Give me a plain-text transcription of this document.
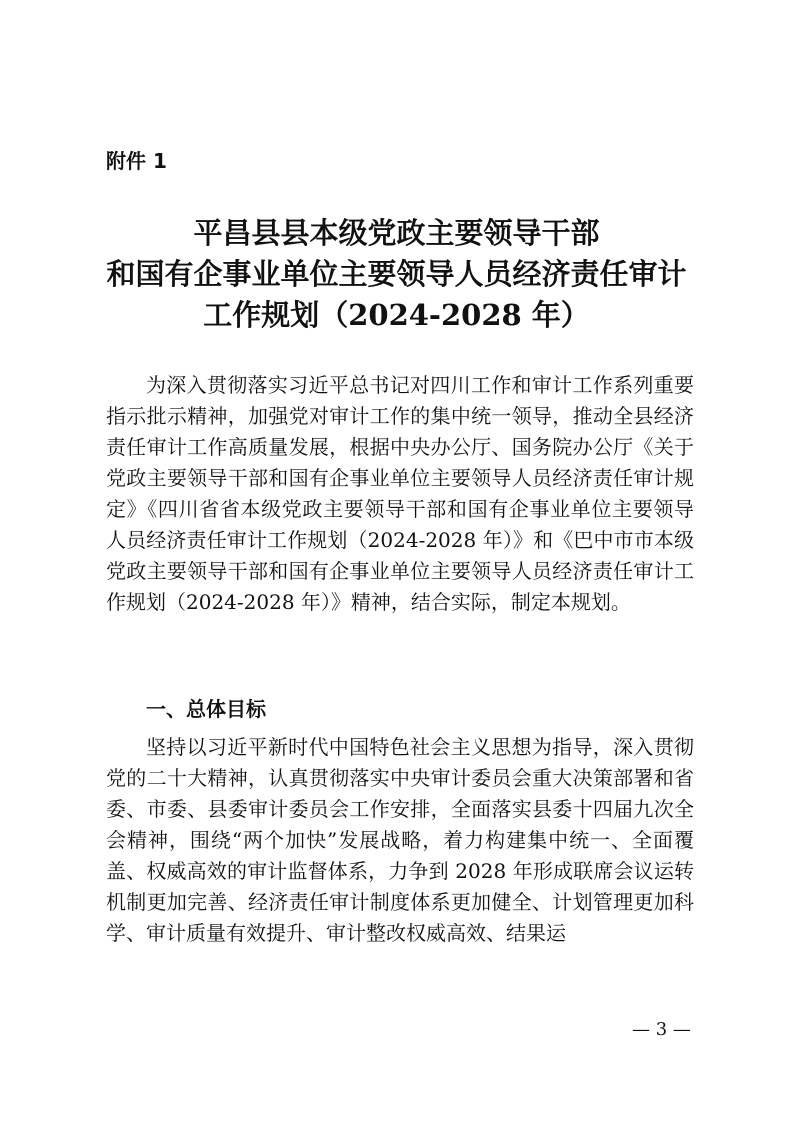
附件 1
平昌县县本级党政主要领导干部
和国有企事业单位主要领导人员经济责任审计
工作规划（2024-2028 年）

为深入贯彻落实习近平总书记对四川工作和审计工作系列重要指示批示精神，加强党对审计工作的集中统一领导，推动全县经济责任审计工作高质量发展，根据中央办公厅、国务院办公厅《关于党政主要领导干部和国有企事业单位主要领导人员经济责任审计规定》《四川省省本级党政主要领导干部和国有企事业单位主要领导人员经济责任审计工作规划（2024-2028 年）》和《巴中市市本级党政主要领导干部和国有企事业单位主要领导人员经济责任审计工作规划（2024-2028 年）》精神，结合实际，制定本规划。

一、总体目标

坚持以习近平新时代中国特色社会主义思想为指导，深入贯彻党的二十大精神，认真贯彻落实中央审计委员会重大决策部署和省委、市委、县委审计委员会工作安排，全面落实县委十四届九次全会精神，围绕“两个加快”发展战略，着力构建集中统一、全面覆盖、权威高效的审计监督体系，力争到 2028 年形成联席会议运转机制更加完善、经济责任审计制度体系更加健全、计划管理更加科学、审计质量有效提升、审计整改权威高效、结果运

— 3 —
